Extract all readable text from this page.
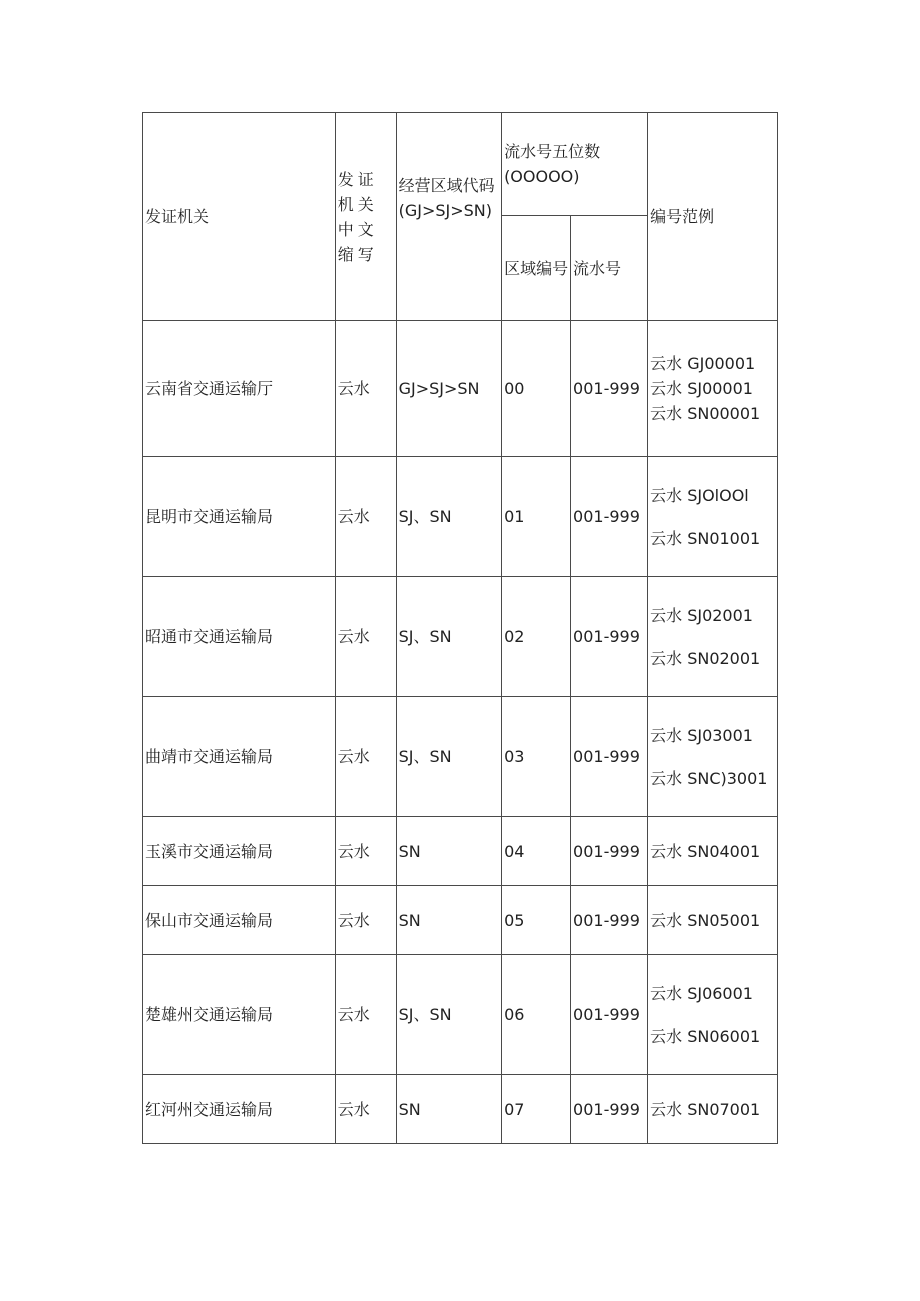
发证机关	发证机关中文缩写	经营区域代码(GJ>SJ>SN)	流水号五位数(OOOOO)		编号范例
			区域编号	流水号	
云南省交通运输厅	云水	GJ>SJ>SN	00	001-999	云水 GJ00001
云水 SJ00001
云水 SN00001

昆明市交通运输局	云水	SJ、SN	01	001-999	云水 SJOlOOl
云水 SN01001

昭通市交通运输局	云水	SJ、SN	02	001-999	云水 SJ02001
云水 SN02001

曲靖市交通运输局	云水	SJ、SN	03	001-999	云水 SJ03001
云水 SNC)3001

玉溪市交通运输局	云水	SN	04	001-999	云水 SN04001

保山市交通运输局	云水	SN	05	001-999	云水 SN05001

楚雄州交通运输局	云水	SJ、SN	06	001-999	云水 SJ06001
云水 SN06001

红河州交通运输局	云水	SN	07	001-999	云水 SN07001
